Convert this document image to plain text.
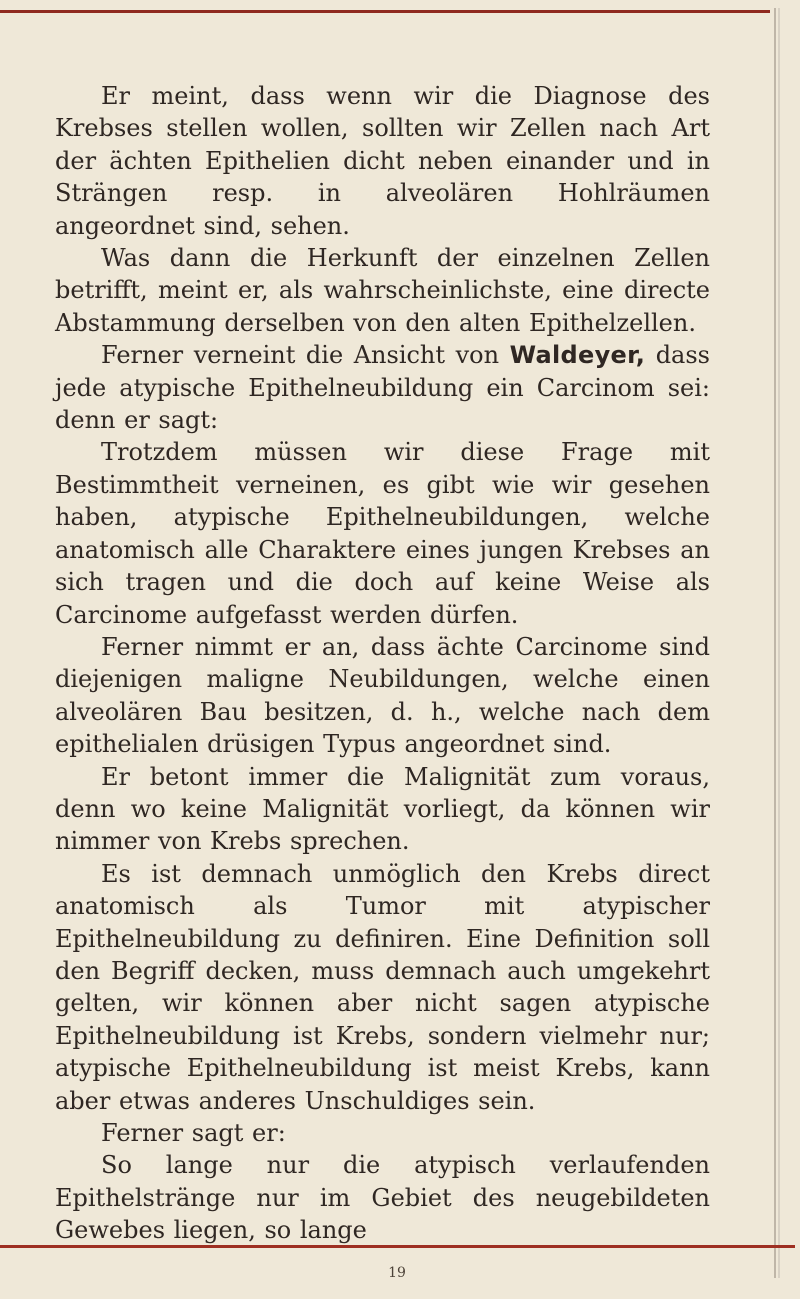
Er meint, dass wenn wir die Diagnose des Krebses stellen wollen, sollten wir Zellen nach Art der ächten Epithelien dicht neben einander und in Strängen resp. in alveolären Hohlräumen angeordnet sind, sehen.

Was dann die Herkunft der einzelnen Zellen betrifft, meint er, als wahrscheinlichste, eine directe Abstammung derselben von den alten Epithelzellen.

Ferner verneint die Ansicht von Waldeyer, dass jede atypische Epithelneubildung ein Carcinom sei: denn er sagt:

Trotzdem müssen wir diese Frage mit Bestimmtheit verneinen, es gibt wie wir gesehen haben, atypische Epithelneubildungen, welche anatomisch alle Charaktere eines jungen Krebses an sich tragen und die doch auf keine Weise als Carcinome aufgefasst werden dürfen.

Ferner nimmt er an, dass ächte Carcinome sind diejenigen maligne Neubildungen, welche einen alveolären Bau besitzen, d. h., welche nach dem epithelialen drüsigen Typus angeordnet sind.

Er betont immer die Malignität zum voraus, denn wo keine Malignität vorliegt, da können wir nimmer von Krebs sprechen.

Es ist demnach unmöglich den Krebs direct anatomisch als Tumor mit atypischer Epithelneubildung zu definiren. Eine Definition soll den Begriff decken, muss demnach auch umgekehrt gelten, wir können aber nicht sagen atypische Epithelneubildung ist Krebs, sondern vielmehr nur; atypische Epithelneubildung ist meist Krebs, kann aber etwas anderes Unschuldiges sein.

Ferner sagt er:

So lange nur die atypisch verlaufenden Epithelstränge nur im Gebiet des neugebildeten Gewebes liegen, so lange

19
